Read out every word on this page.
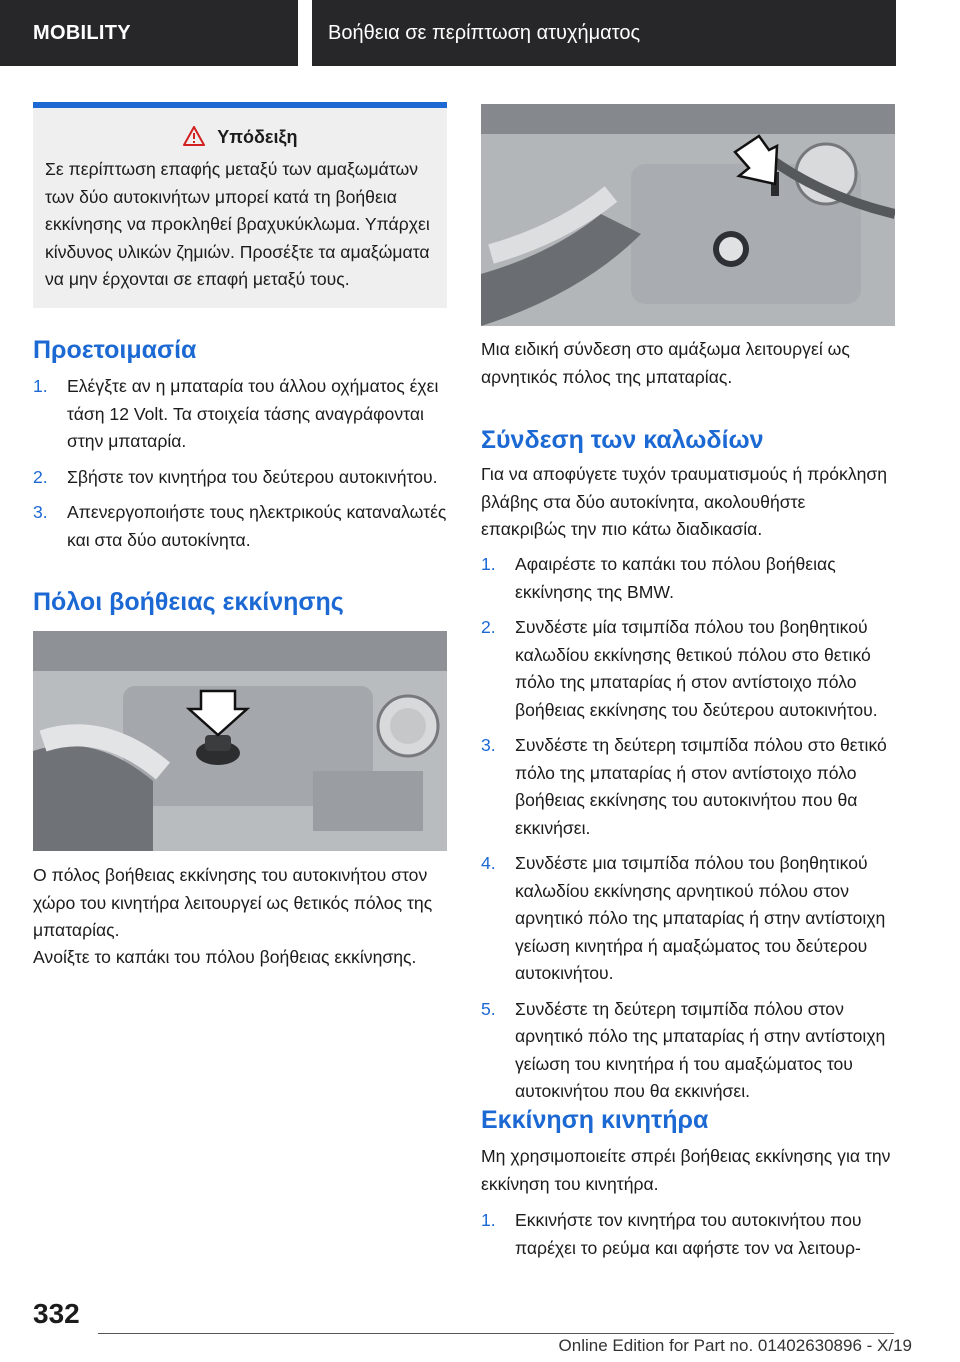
MOBILITY	Βοήθεια σε περίπτωση ατυχήματος
Υπόδειξη
Σε περίπτωση επαφής μεταξύ των αμαξωμάτων των δύο αυτοκινήτων μπορεί κατά τη βοήθεια εκκίνησης να προκληθεί βραχυκύκλωμα. Υπάρχει κίνδυνος υλικών ζημιών. Προσέξτε τα αμαξώματα να μην έρχονται σε επαφή μεταξύ τους.
Προετοιμασία
1. Ελέγξτε αν η μπαταρία του άλλου οχήματος έχει τάση 12 Volt. Τα στοιχεία τάσης αναγράφονται στην μπαταρία.
2. Σβήστε τον κινητήρα του δεύτερου αυτοκινήτου.
3. Απενεργοποιήστε τους ηλεκτρικούς καταναλωτές και στα δύο αυτοκίνητα.
Πόλοι βοήθειας εκκίνησης
Ο πόλος βοήθειας εκκίνησης του αυτοκινήτου στον χώρο του κινητήρα λειτουργεί ως θετικός πόλος της μπαταρίας.
Ανοίξτε το καπάκι του πόλου βοήθειας εκκίνησης.
Μια ειδική σύνδεση στο αμάξωμα λειτουργεί ως αρνητικός πόλος της μπαταρίας.
Σύνδεση των καλωδίων
Για να αποφύγετε τυχόν τραυματισμούς ή πρόκληση βλάβης στα δύο αυτοκίνητα, ακολουθήστε επακριβώς την πιο κάτω διαδικασία.
1. Αφαιρέστε το καπάκι του πόλου βοήθειας εκκίνησης της BMW.
2. Συνδέστε μία τσιμπίδα πόλου του βοηθητικού καλωδίου εκκίνησης θετικού πόλου στο θετικό πόλο της μπαταρίας ή στον αντίστοιχο πόλο βοήθειας εκκίνησης του δεύτερου αυτοκινήτου.
3. Συνδέστε τη δεύτερη τσιμπίδα πόλου στο θετικό πόλο της μπαταρίας ή στον αντίστοιχο πόλο βοήθειας εκκίνησης του αυτοκινήτου που θα εκκινήσει.
4. Συνδέστε μια τσιμπίδα πόλου του βοηθητικού καλωδίου εκκίνησης αρνητικού πόλου στον αρνητικό πόλο της μπαταρίας ή στην αντίστοιχη γείωση κινητήρα ή αμαξώματος του δεύτερου αυτοκινήτου.
5. Συνδέστε τη δεύτερη τσιμπίδα πόλου στον αρνητικό πόλο της μπαταρίας ή στην αντίστοιχη γείωση του κινητήρα ή του αμαξώματος του αυτοκινήτου που θα εκκινήσει.
Εκκίνηση κινητήρα
Μη χρησιμοποιείτε σπρέι βοήθειας εκκίνησης για την εκκίνηση του κινητήρα.
1. Εκκινήστε τον κινητήρα του αυτοκινήτου που παρέχει το ρεύμα και αφήστε τον να λειτουρ-
332
Online Edition for Part no. 01402630896 - X/19
